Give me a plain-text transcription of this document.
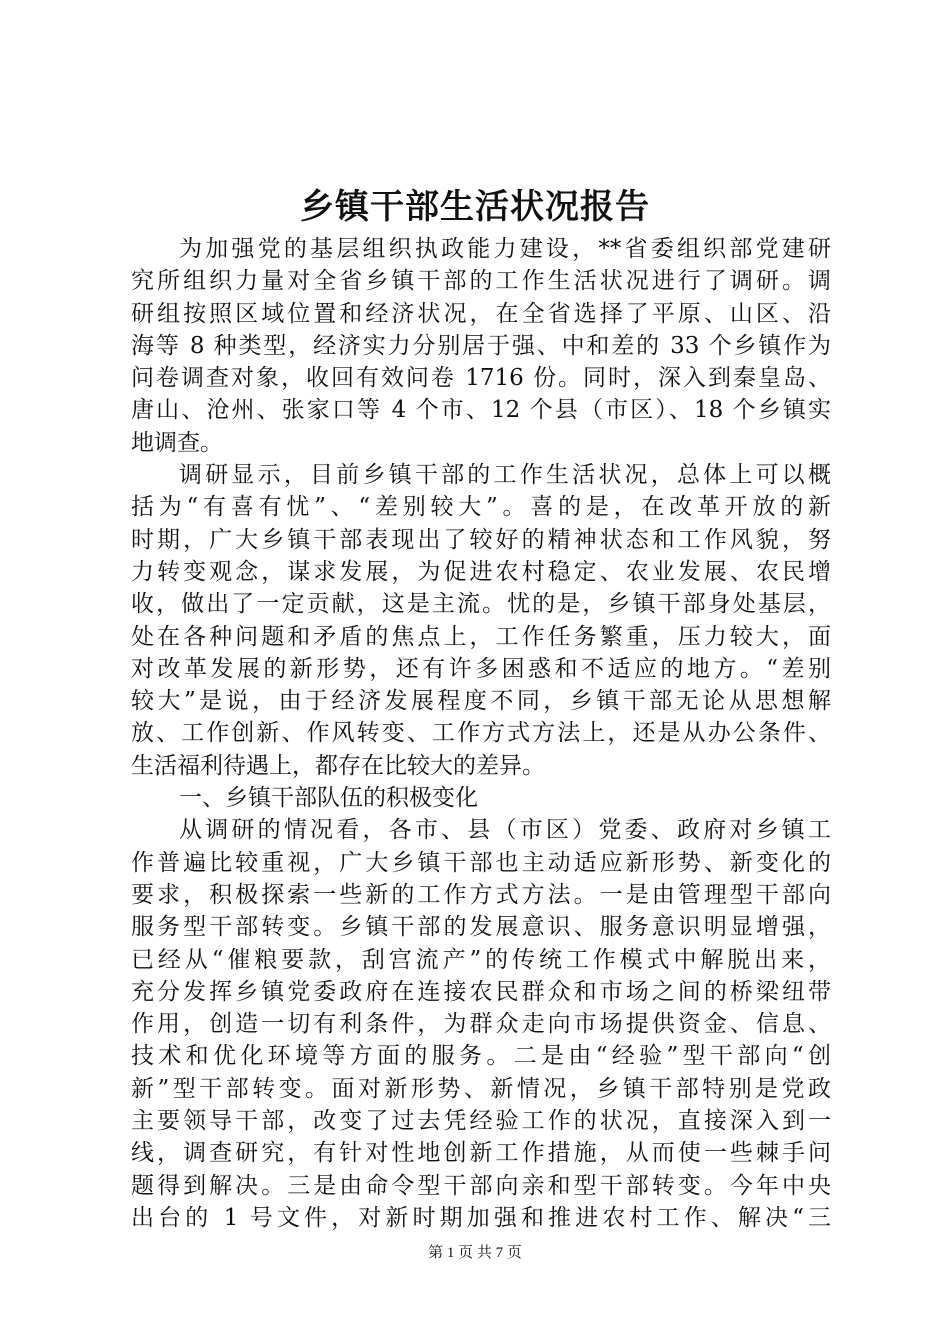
乡镇干部生活状况报告
为加强党的基层组织执政能力建设，**省委组织部党建研
究所组织力量对全省乡镇干部的工作生活状况进行了调研。调
研组按照区域位置和经济状况，在全省选择了平原、山区、沿
海等 8 种类型，经济实力分别居于强、中和差的 33 个乡镇作为
问卷调查对象，收回有效问卷 1716 份。同时，深入到秦皇岛、
唐山、沧州、张家口等 4 个市、12 个县（市区）、18 个乡镇实
地调查。
调研显示，目前乡镇干部的工作生活状况，总体上可以概
括为“有喜有忧”、“差别较大”。喜的是，在改革开放的新
时期，广大乡镇干部表现出了较好的精神状态和工作风貌，努
力转变观念，谋求发展，为促进农村稳定、农业发展、农民增
收，做出了一定贡献，这是主流。忧的是，乡镇干部身处基层，
处在各种问题和矛盾的焦点上，工作任务繁重，压力较大，面
对改革发展的新形势，还有许多困惑和不适应的地方。“差别
较大”是说，由于经济发展程度不同，乡镇干部无论从思想解
放、工作创新、作风转变、工作方式方法上，还是从办公条件、
生活福利待遇上，都存在比较大的差异。
一、乡镇干部队伍的积极变化
从调研的情况看，各市、县（市区）党委、政府对乡镇工
作普遍比较重视，广大乡镇干部也主动适应新形势、新变化的
要求，积极探索一些新的工作方式方法。一是由管理型干部向
服务型干部转变。乡镇干部的发展意识、服务意识明显增强，
已经从“催粮要款，刮宫流产”的传统工作模式中解脱出来，
充分发挥乡镇党委政府在连接农民群众和市场之间的桥梁纽带
作用，创造一切有利条件，为群众走向市场提供资金、信息、
技术和优化环境等方面的服务。二是由“经验”型干部向“创
新”型干部转变。面对新形势、新情况，乡镇干部特别是党政
主要领导干部，改变了过去凭经验工作的状况，直接深入到一
线，调查研究，有针对性地创新工作措施，从而使一些棘手问
题得到解决。三是由命令型干部向亲和型干部转变。今年中央
出台的 1 号文件，对新时期加强和推进农村工作、解决“三
第 1 页 共 7 页
